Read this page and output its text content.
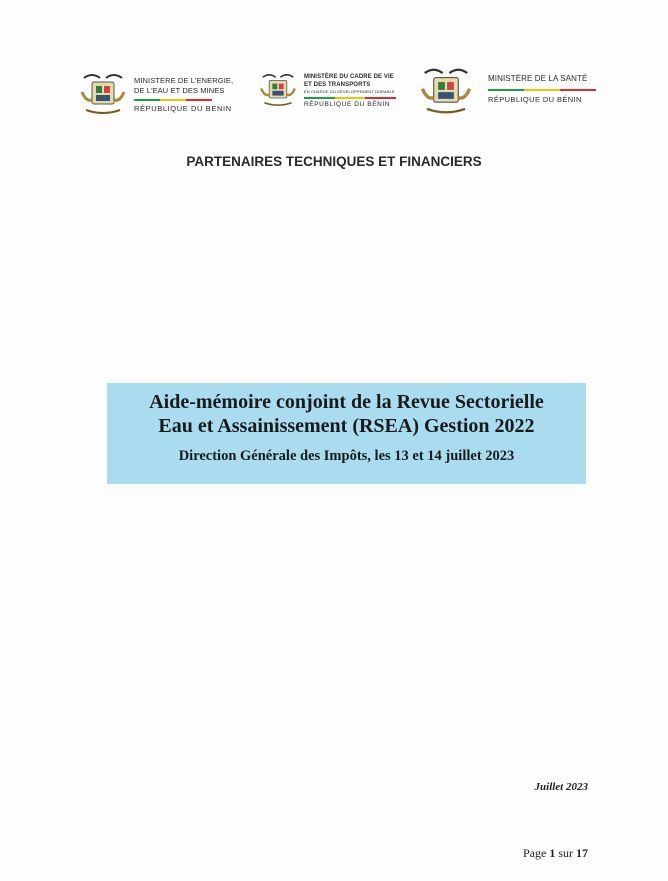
MINISTERE DE L'ENERGIE,
DE L'EAU ET DES MINES
RÉPUBLIQUE DU BENIN
MINISTÈRE DU CADRE DE VIE
ET DES TRANSPORTS
EN CHARGE DU DÉVELOPPEMENT DURABLE
RÉPUBLIQUE DU BÉNIN
MINISTÈRE DE LA SANTÉ
RÉPUBLIQUE DU BÉNIN
PARTENAIRES TECHNIQUES ET FINANCIERS
Aide-mémoire conjoint de la Revue Sectorielle
Eau et Assainissement (RSEA) Gestion 2022
Direction Générale des Impôts, les 13 et 14 juillet 2023
Juillet 2023
Page 1 sur 17
